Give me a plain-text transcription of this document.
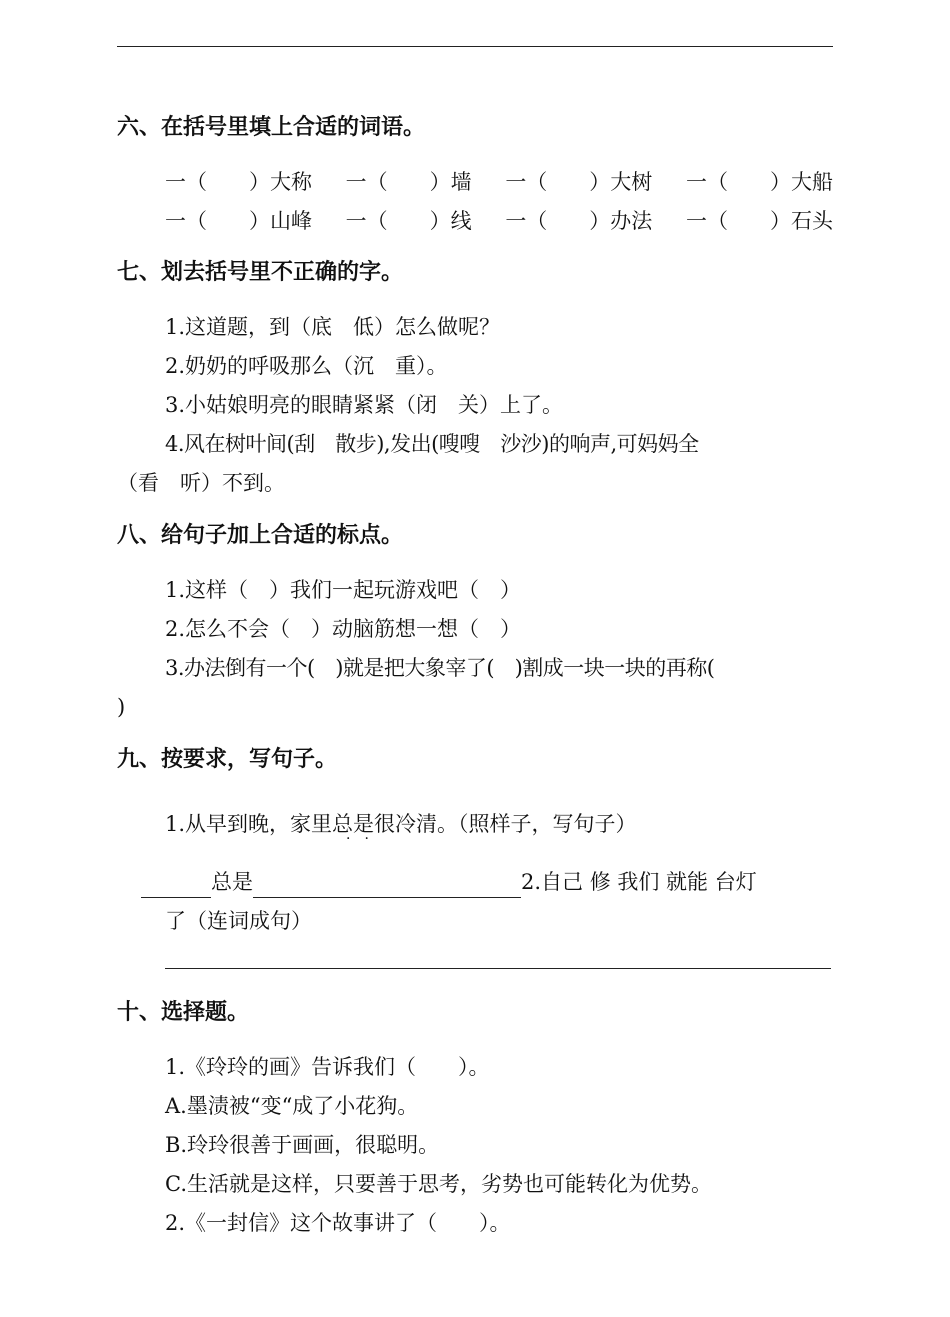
六、在括号里填上合适的词语。
一（　　）大称 一（　　）墙 一（　　）大树 一（　　）大船
一（　　）山峰 一（　　）线 一（　　）办法 一（　　）石头
七、划去括号里不正确的字。
1.这道题，到（底　低）怎么做呢？
2.奶奶的呼吸那么（沉　重）。
3.小姑娘明亮的眼睛紧紧（闭　关）上了。
4.风在树叶间(刮　散步),发出(嗖嗖　沙沙)的响声,可妈妈全
（看　听）不到。
八、给句子加上合适的标点。
1.这样（　）我们一起玩游戏吧（　）
2.怎么不会（　）动脑筋想一想（　）
3.办法倒有一个(　)就是把大象宰了(　)割成一块一块的再称(
)
九、按要求，写句子。
1.从早到晚，家里总是
··
很冷清。（照样子，写句子）
总是	2.自己 修 我们 就能 台灯
了（连词成句）
十、选择题。
1.《玲玲的画》告诉我们（　　）。
A.墨渍被“变“成了小花狗。
B.玲玲很善于画画，很聪明。
C.生活就是这样，只要善于思考，劣势也可能转化为优势。
2.《一封信》这个故事讲了（　　）。
